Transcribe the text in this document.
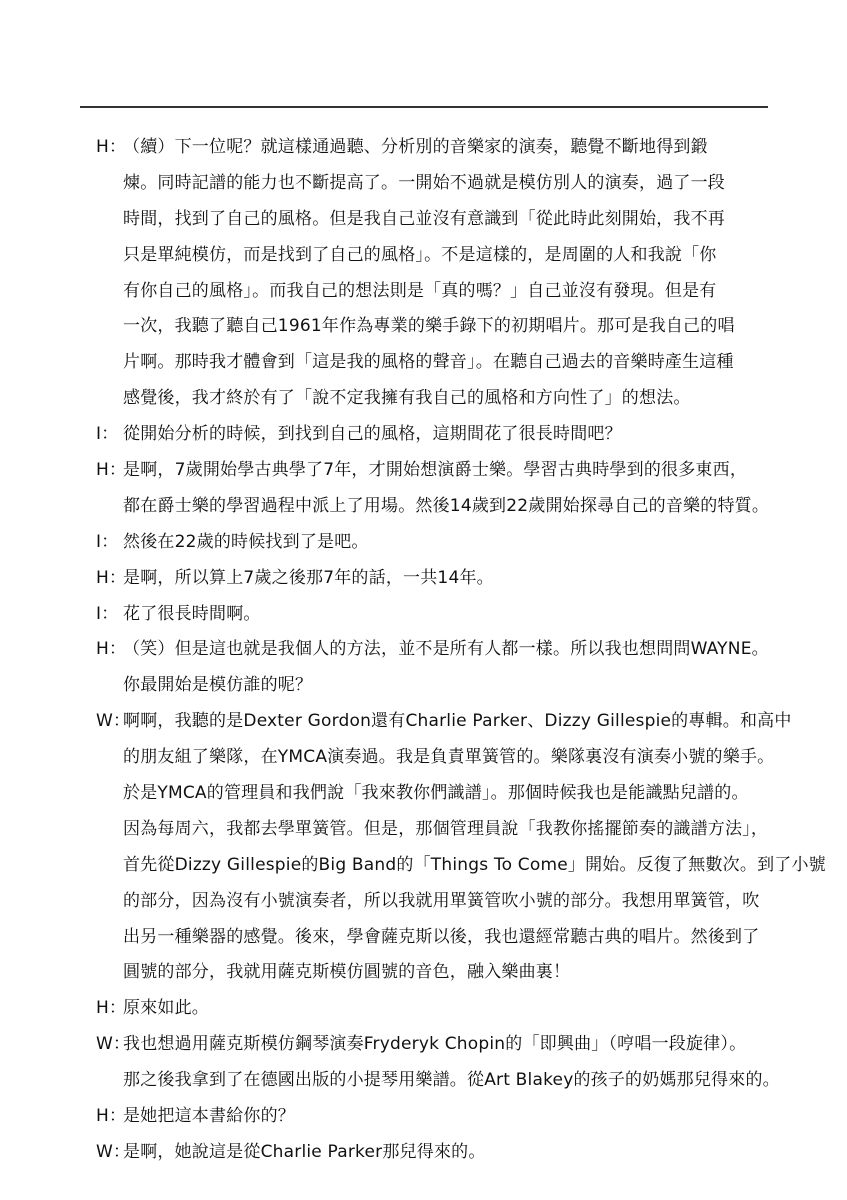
H：（續）下一位呢？就這樣通過聽、分析別的音樂家的演奏，聽覺不斷地得到鍛
煉。同時記譜的能力也不斷提高了。一開始不過就是模仿別人的演奏，過了一段
時間，找到了自己的風格。但是我自己並沒有意識到「從此時此刻開始，我不再
只是單純模仿，而是找到了自己的風格」。不是這樣的，是周圍的人和我說「你
有你自己的風格」。而我自己的想法則是「真的嗎？」自己並沒有發現。但是有
一次，我聽了聽自己1961年作為專業的樂手錄下的初期唱片。那可是我自己的唱
片啊。那時我才體會到「這是我的風格的聲音」。在聽自己過去的音樂時產生這種
感覺後，我才終於有了「說不定我擁有我自己的風格和方向性了」的想法。
I： 從開始分析的時候，到找到自己的風格，這期間花了很長時間吧？
H：是啊，7歲開始學古典學了7年，才開始想演爵士樂。學習古典時學到的很多東西，
都在爵士樂的學習過程中派上了用場。然後14歲到22歲開始探尋自己的音樂的特質。
I： 然後在22歲的時候找到了是吧。
H：是啊，所以算上7歲之後那7年的話，一共14年。
I： 花了很長時間啊。
H：（笑）但是這也就是我個人的方法，並不是所有人都一樣。所以我也想問問WAYNE。
你最開始是模仿誰的呢？
W：啊啊，我聽的是Dexter Gordon還有Charlie Parker、Dizzy Gillespie的專輯。和高中
的朋友組了樂隊，在YMCA演奏過。我是負責單簧管的。樂隊裏沒有演奏小號的樂手。
於是YMCA的管理員和我們說「我來教你們識譜」。那個時候我也是能識點兒譜的。
因為每周六，我都去學單簧管。但是，那個管理員說「我教你搖擺節奏的識譜方法」，
首先從Dizzy Gillespie的Big Band的「Things To Come」開始。反復了無數次。到了小號
的部分，因為沒有小號演奏者，所以我就用單簧管吹小號的部分。我想用單簧管，吹
出另一種樂器的感覺。後來，學會薩克斯以後，我也還經常聽古典的唱片。然後到了
圓號的部分，我就用薩克斯模仿圓號的音色，融入樂曲裏！
H：原來如此。
W：我也想過用薩克斯模仿鋼琴演奏Fryderyk Chopin的「即興曲」（哼唱一段旋律）。
那之後我拿到了在德國出版的小提琴用樂譜。從Art Blakey的孩子的奶媽那兒得來的。
H：是她把這本書給你的？
W：是啊，她說這是從Charlie Parker那兒得來的。
